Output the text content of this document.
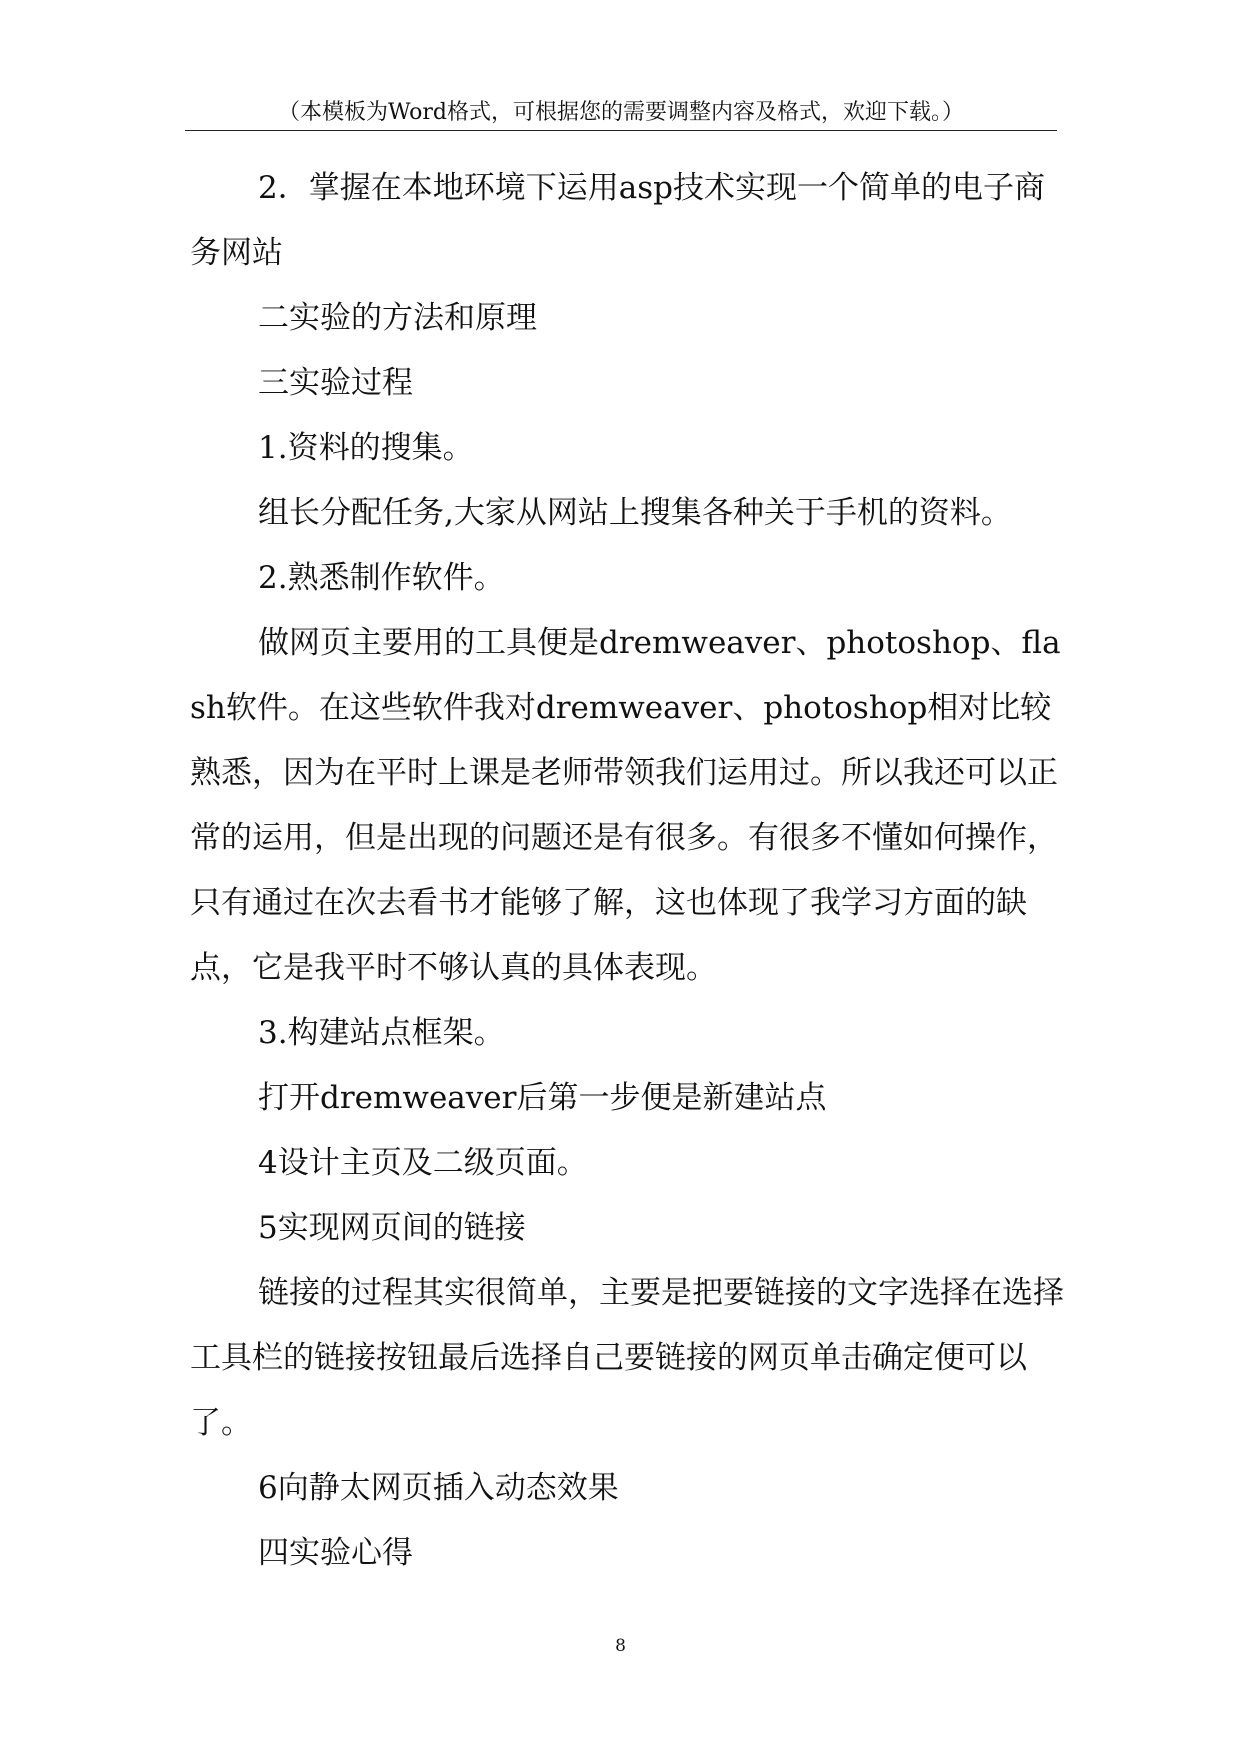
（本模板为Word格式，可根据您的需要调整内容及格式，欢迎下载。）

2．掌握在本地环境下运用asp技术实现一个简单的电子商务网站

二实验的方法和原理

三实验过程

1.资料的搜集。

组长分配任务,大家从网站上搜集各种关于手机的资料。

2.熟悉制作软件。

做网页主要用的工具便是dremweaver、photoshop、flash软件。在这些软件我对dremweaver、photoshop相对比较熟悉，因为在平时上课是老师带领我们运用过。所以我还可以正常的运用，但是出现的问题还是有很多。有很多不懂如何操作，只有通过在次去看书才能够了解，这也体现了我学习方面的缺点，它是我平时不够认真的具体表现。

3.构建站点框架。

打开dremweaver后第一步便是新建站点

4设计主页及二级页面。

5实现网页间的链接

链接的过程其实很简单，主要是把要链接的文字选择在选择工具栏的链接按钮最后选择自己要链接的网页单击确定便可以了。

6向静太网页插入动态效果

四实验心得

8
